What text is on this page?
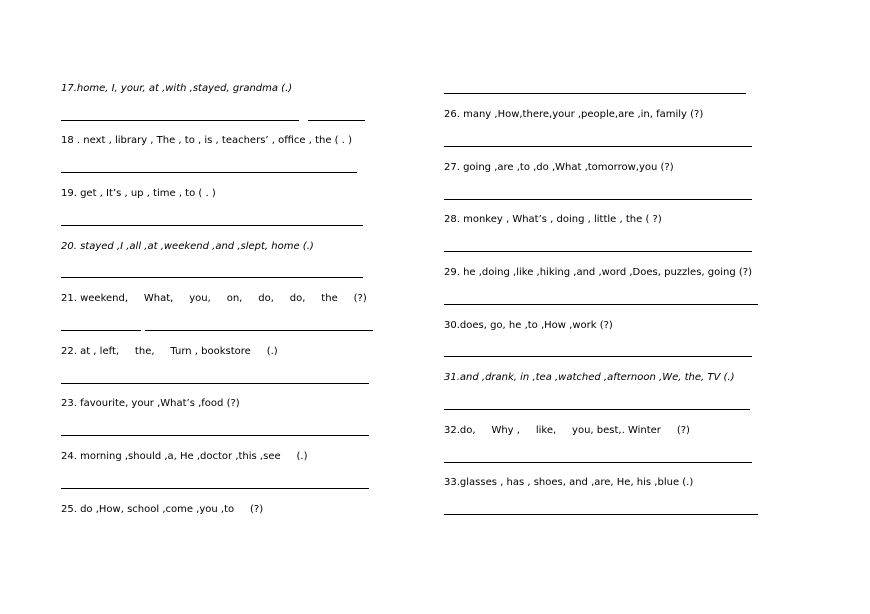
17.home, I, your, at ,with ,stayed, grandma (.)
18 . next , library , The , to , is , teachers’ , office , the ( . )
19. get , It’s , up , time , to ( . )
20. stayed ,I ,all ,at ,weekend ,and ,slept, home (.)
21. weekend,     What,     you,     on,     do,     do,     the     (?)
22. at , left,     the,     Turn , bookstore     (.)
23. favourite, your ,What’s ,food (?)
24. morning ,should ,a, He ,doctor ,this ,see     (.)
25. do ,How, school ,come ,you ,to     (?)
26. many ,How,there,your ,people,are ,in, family (?)
27. going ,are ,to ,do ,What ,tomorrow,you (?)
28. monkey , What’s , doing , little , the ( ?)
29. he ,doing ,like ,hiking ,and ,word ,Does, puzzles, going (?)
30.does, go, he ,to ,How ,work (?)
31.and ,drank, in ,tea ,watched ,afternoon ,We, the, TV (.)
32.do,     Why ,     like,     you, best,. Winter     (?)
33.glasses , has , shoes, and ,are, He, his ,blue (.)
